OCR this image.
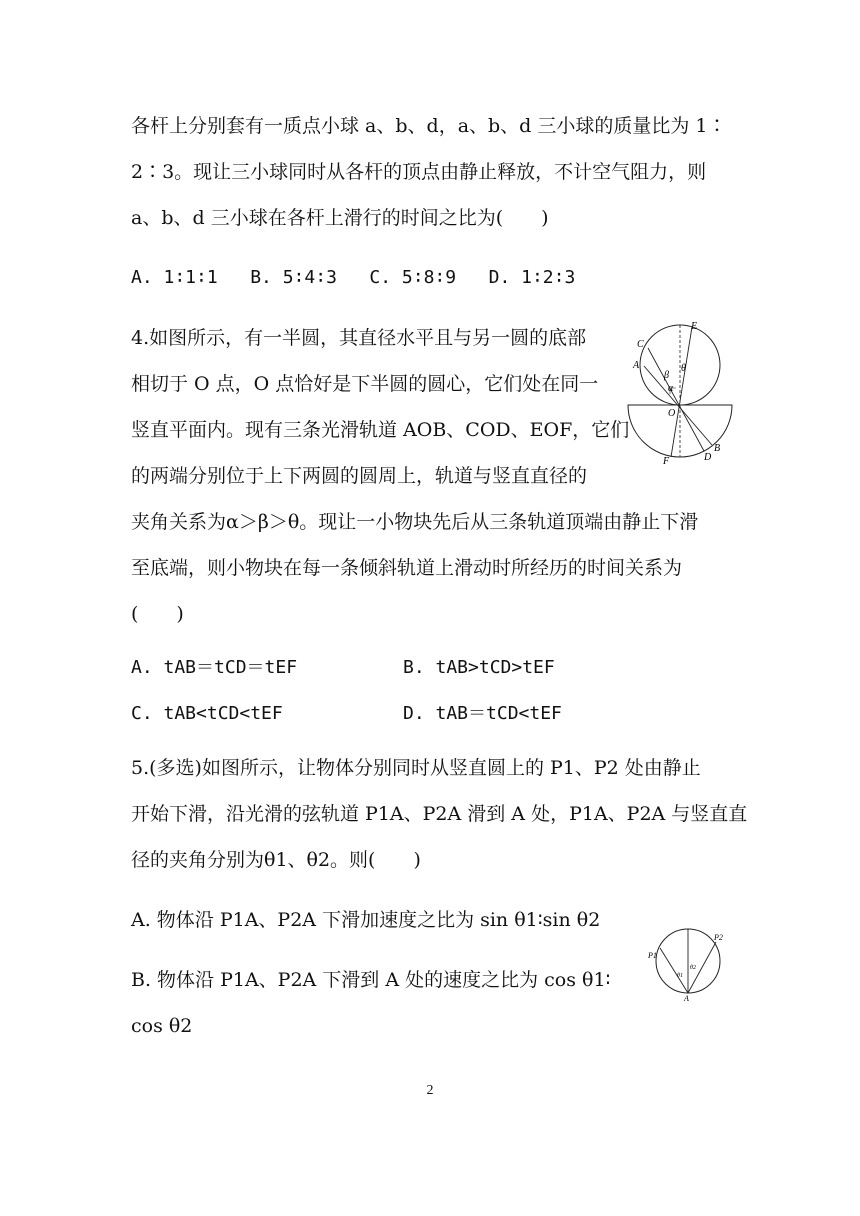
各杆上分别套有一质点小球 a、b、d，a、b、d 三小球的质量比为 1∶
2∶3。现让三小球同时从各杆的顶点由静止释放，不计空气阻力，则
a、b、d 三小球在各杆上滑行的时间之比为(　　)
A. 1∶1∶1   B. 5∶4∶3   C. 5∶8∶9   D. 1∶2∶3
4.如图所示，有一半圆，其直径水平且与另一圆的底部
相切于 O 点，O 点恰好是下半圆的圆心，它们处在同一
竖直平面内。现有三条光滑轨道 AOB、COD、EOF，它们
的两端分别位于上下两圆的圆周上，轨道与竖直直径的
夹角关系为α＞β＞θ。现让一小物块先后从三条轨道顶端由静止下滑
至底端，则小物块在每一条倾斜轨道上滑动时所经历的时间关系为
(　　)
A. tAB＝tCD＝tEF	B. tAB>tCD>tEF
C. tAB<tCD<tEF	D. tAB＝tCD<tEF
C
A
E
O
F	D
B
β
α
θ
5.(多选)如图所示，让物体分别同时从竖直圆上的 P1、P2 处由静止
开始下滑，沿光滑的弦轨道 P1A、P2A 滑到 A 处，P1A、P2A 与竖直直
径的夹角分别为θ1、θ2。则(　　)
A. 物体沿 P1A、P2A 下滑加速度之比为 sin θ1∶sin θ2
B. 物体沿 P1A、P2A 下滑到 A 处的速度之比为 cos θ1∶
cos θ2
P1
P2
A
θ1
θ2
2
